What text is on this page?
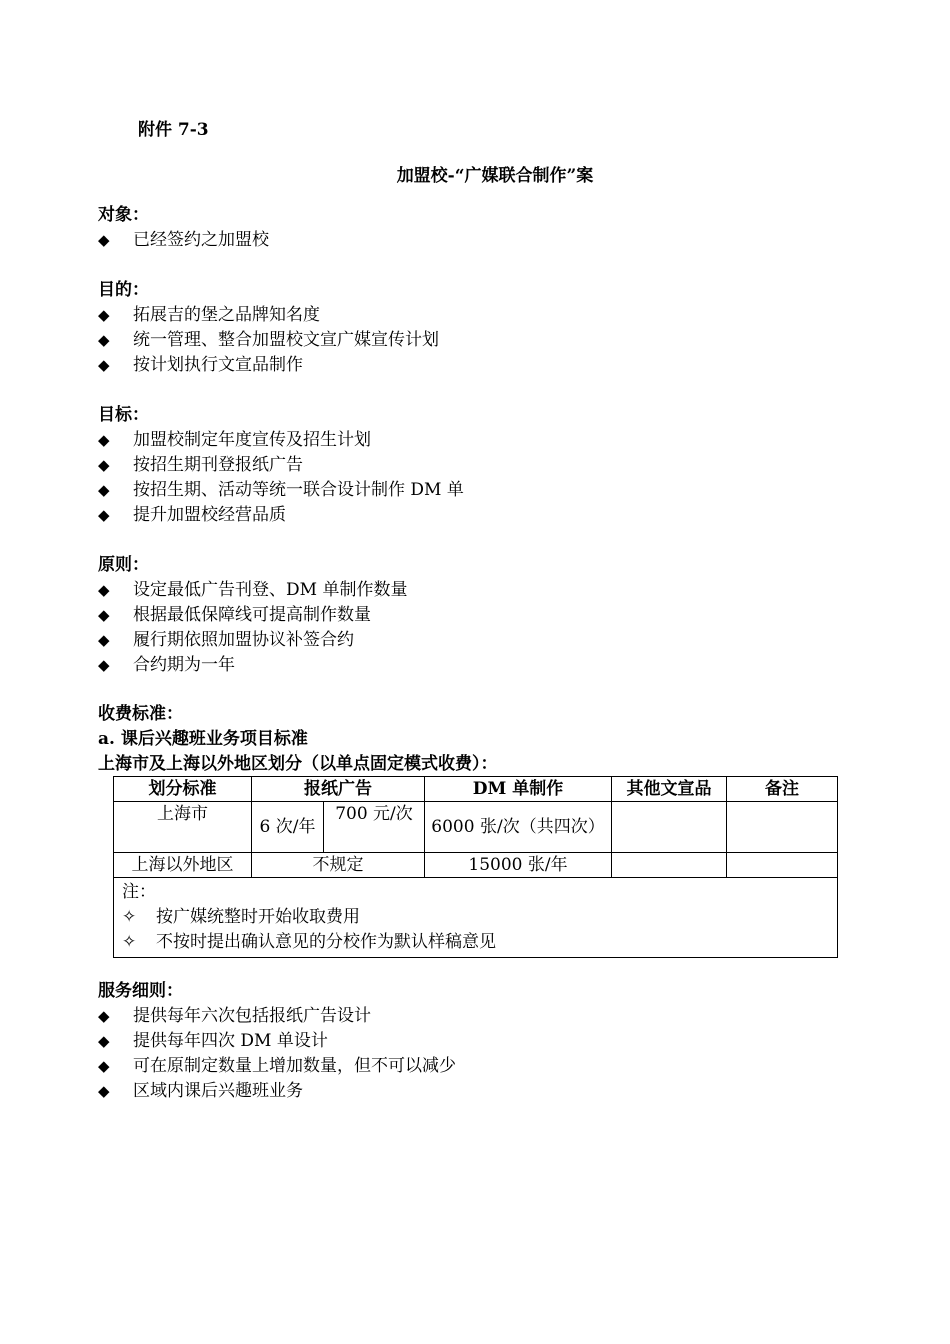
附件 7-3
加盟校-“广媒联合制作”案
对象：
◆	已经签约之加盟校
目的：
◆	拓展吉的堡之品牌知名度
◆	统一管理、整合加盟校文宣广媒宣传计划
◆	按计划执行文宣品制作
目标：
◆	加盟校制定年度宣传及招生计划
◆	按招生期刊登报纸广告
◆	按招生期、活动等统一联合设计制作 DM 单
◆	提升加盟校经营品质
原则：
◆	设定最低广告刊登、DM 单制作数量
◆	根据最低保障线可提高制作数量
◆	履行期依照加盟协议补签合约
◆	合约期为一年
收费标准：
a. 课后兴趣班业务项目标准
上海市及上海以外地区划分（以单点固定模式收费）：
划分标准	报纸广告		DM 单制作	其他文宣品	备注
上海市	6 次/年	700 元/次	6000 张/次（共四次）		
上海以外地区	不规定		15000 张/年		

注：
✧ 按广媒统整时开始收取费用
✧ 不按时提出确认意见的分校作为默认样稿意见					
服务细则：
◆	提供每年六次包括报纸广告设计
◆	提供每年四次 DM 单设计
◆	可在原制定数量上增加数量，但不可以减少
◆	区域内课后兴趣班业务
